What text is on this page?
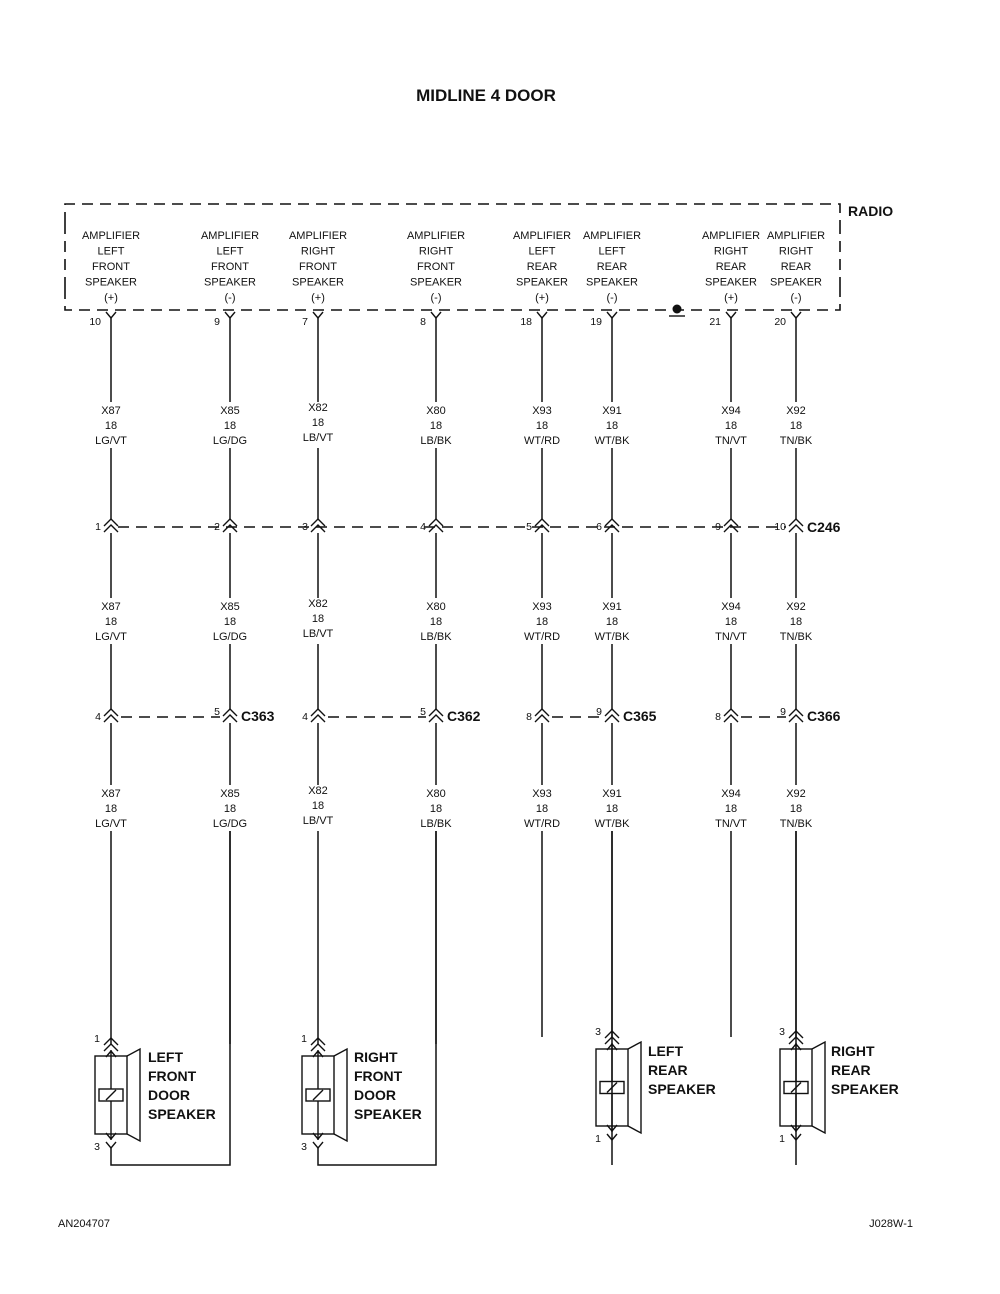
MIDLINE 4 DOOR
RADIO
AMPLIFIER
LEFT
FRONT
SPEAKER
(+)
10
AMPLIFIER
LEFT
FRONT
SPEAKER
(-)
9
AMPLIFIER
RIGHT
FRONT
SPEAKER
(+)
7
AMPLIFIER
RIGHT
FRONT
SPEAKER
(-)
8
AMPLIFIER
LEFT
REAR
SPEAKER
(+)
18
AMPLIFIER
LEFT
REAR
SPEAKER
(-)
19
AMPLIFIER
RIGHT
REAR
SPEAKER
(+)
21
AMPLIFIER
RIGHT
REAR
SPEAKER
(-)
20
X87
18
LG/VT
X87
18
LG/VT
X87
18
LG/VT
X85
18
LG/DG
X85
18
LG/DG
X85
18
LG/DG
X82
18
LB/VT
X82
18
LB/VT
X82
18
LB/VT
X80
18
LB/BK
X80
18
LB/BK
X80
18
LB/BK
X93
18
WT/RD
X93
18
WT/RD
X93
18
WT/RD
X91
18
WT/BK
X91
18
WT/BK
X91
18
WT/BK
X94
18
TN/VT
X94
18
TN/VT
X94
18
TN/VT
X92
18
TN/BK
X92
18
TN/BK
X92
18
TN/BK
1	2	3	4	5	6	9	10 C246
4	5 C363	4	5 C362	8	9 C365	8	9 C366
1
3
LEFT
FRONT
DOOR
SPEAKER
1
3
RIGHT
FRONT
DOOR
SPEAKER
3
1
LEFT
REAR
SPEAKER
3
1
RIGHT
REAR
SPEAKER
AN204707	J028W-1
